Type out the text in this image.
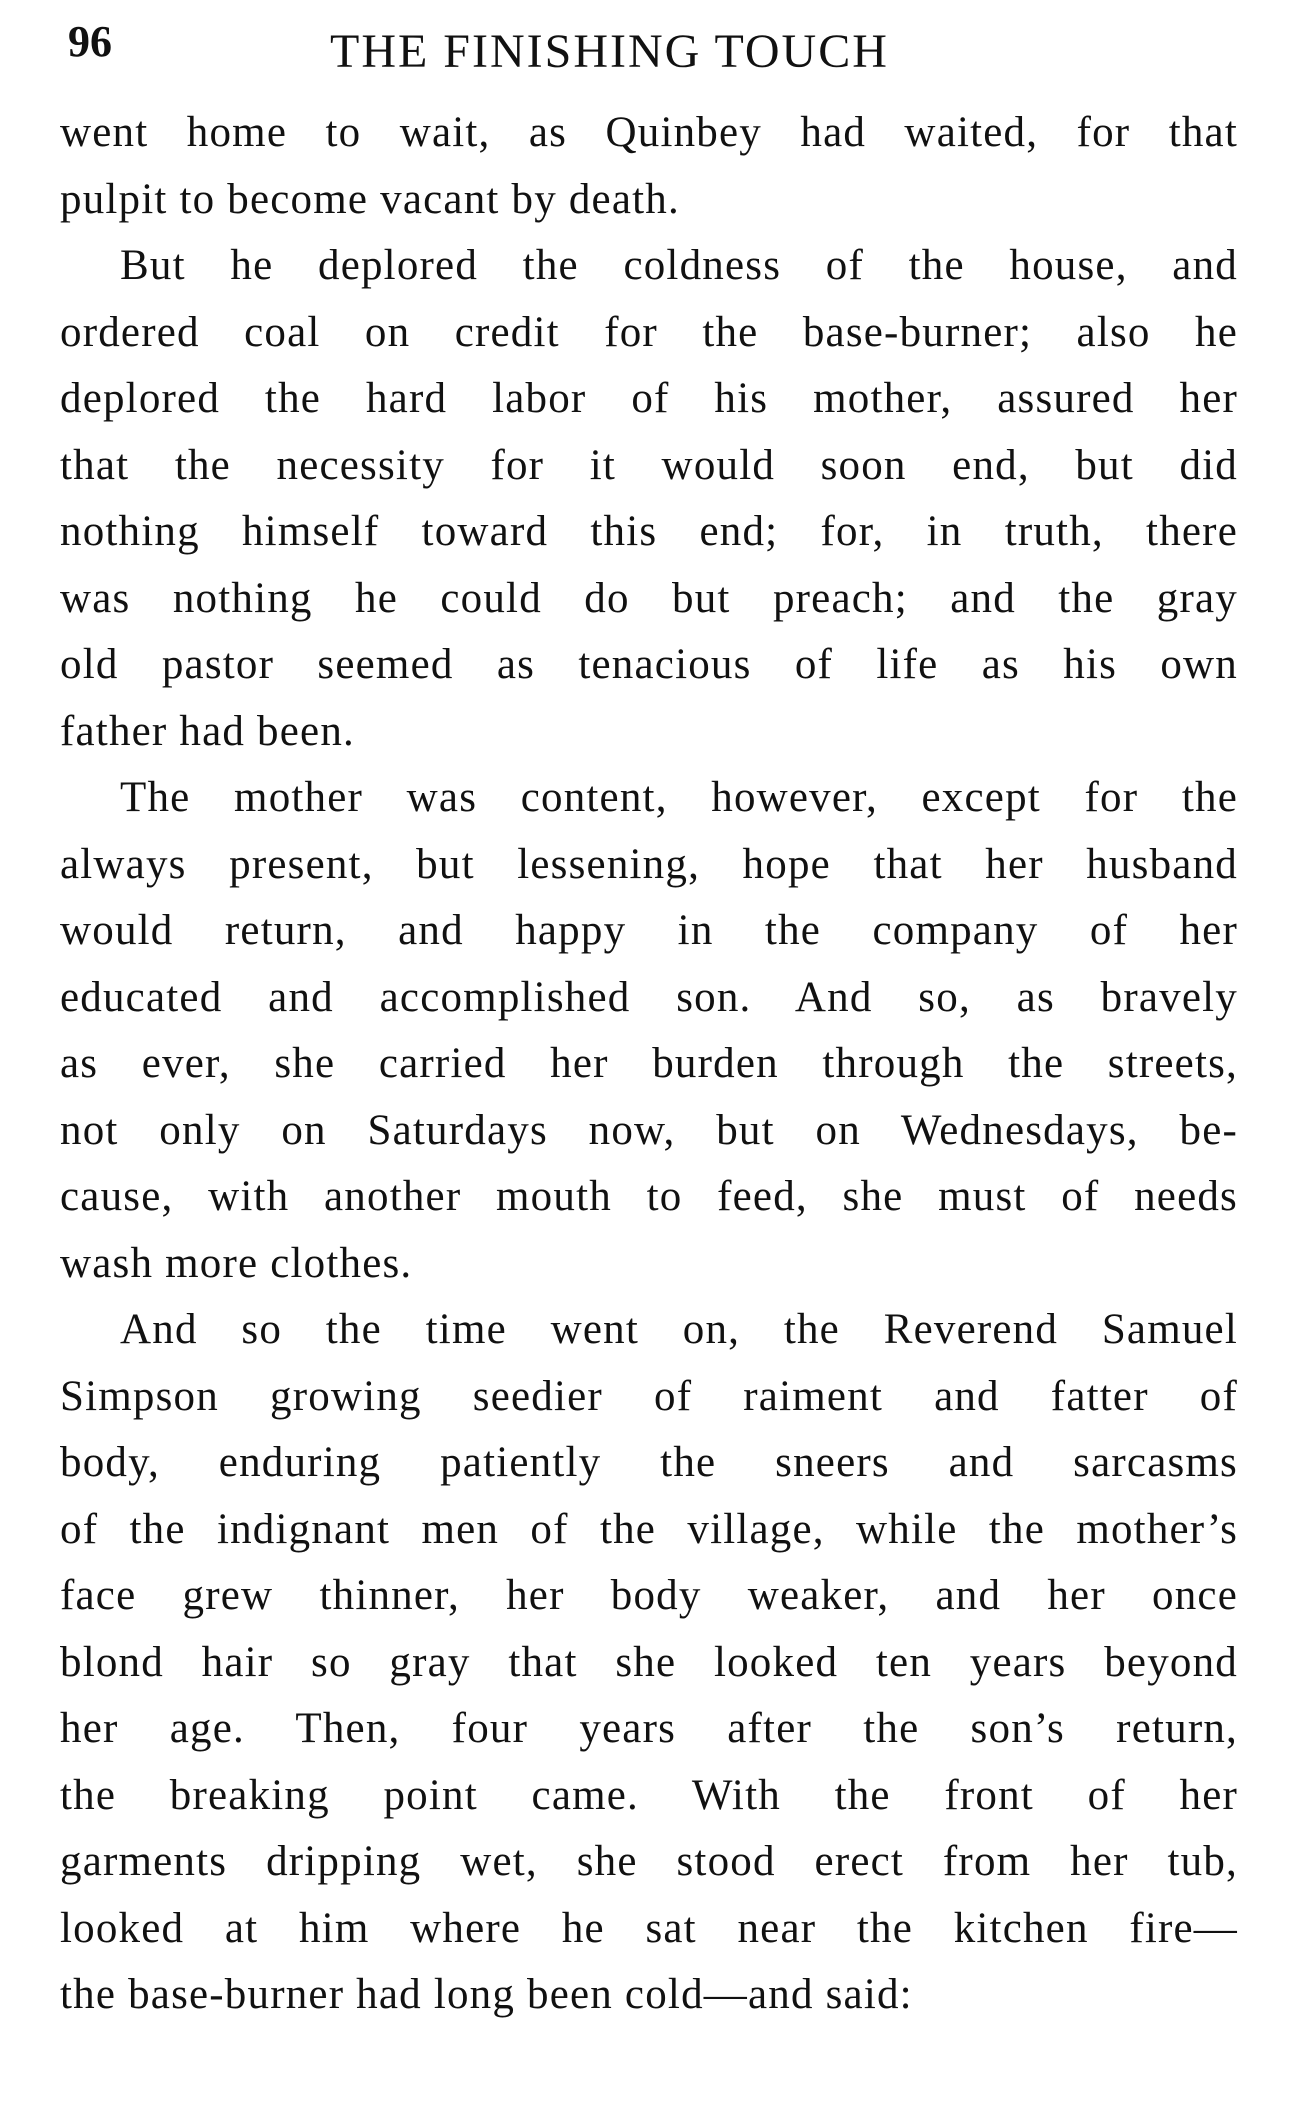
96	THE FINISHING TOUCH
went home to wait, as Quinbey had waited, for that
pulpit to become vacant by death.
But he deplored the coldness of the house, and
ordered coal on credit for the base-burner; also he
deplored the hard labor of his mother, assured her
that the necessity for it would soon end, but did
nothing himself toward this end; for, in truth, there
was nothing he could do but preach; and the gray
old pastor seemed as tenacious of life as his own
father had been.
The mother was content, however, except for the
always present, but lessening, hope that her husband
would return, and happy in the company of her
educated and accomplished son. And so, as bravely
as ever, she carried her burden through the streets,
not only on Saturdays now, but on Wednesdays, be-
cause, with another mouth to feed, she must of needs
wash more clothes.
And so the time went on, the Reverend Samuel
Simpson growing seedier of raiment and fatter of
body, enduring patiently the sneers and sarcasms
of the indignant men of the village, while the mother’s
face grew thinner, her body weaker, and her once
blond hair so gray that she looked ten years beyond
her age. Then, four years after the son’s return,
the breaking point came. With the front of her
garments dripping wet, she stood erect from her tub,
looked at him where he sat near the kitchen fire—
the base-burner had long been cold—and said:
